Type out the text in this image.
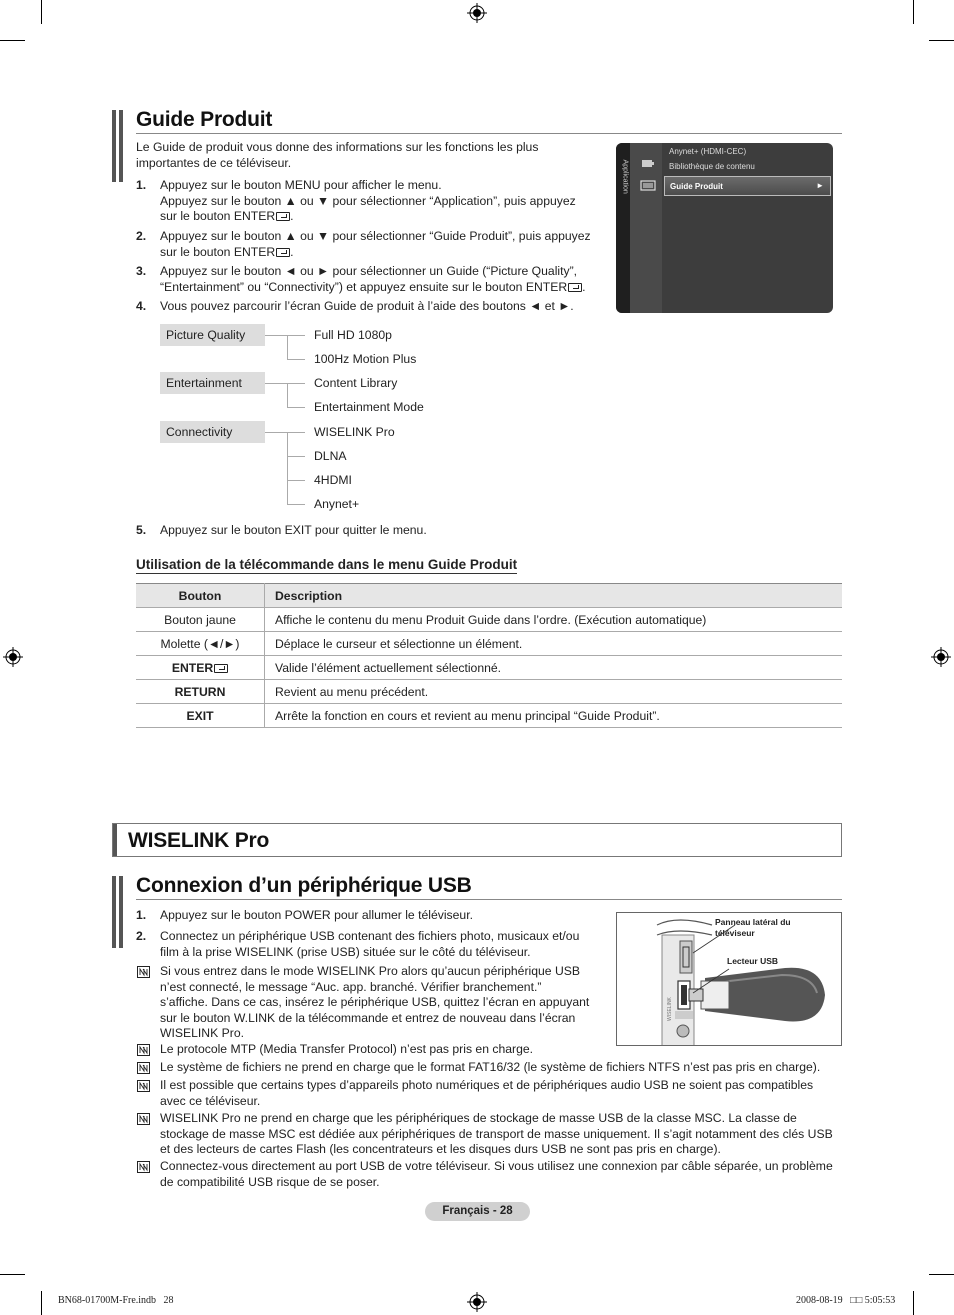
Guide Produit

Le Guide de produit vous donne des informations sur les fonctions les plus importantes de ce téléviseur.

1. Appuyez sur le bouton MENU pour afficher le menu.
Appuyez sur le bouton ▲ ou ▼ pour sélectionner “Application”, puis appuyez
sur le bouton ENTER .
2. Appuyez sur le bouton ▲ ou ▼ pour sélectionner “Guide Produit”, puis appuyez
sur le bouton ENTER .
3. Appuyez sur le bouton ◄ ou ► pour sélectionner un Guide (“Picture Quality”,
“Entertainment” ou “Connectivity”) et appuyez ensuite sur le bouton ENTER .
4. Vous pouvez parcourir l’écran Guide de produit à l’aide des boutons ◄ et ►.
Application
Anynet+ (HDMI-CEC)
Bibliothèque de contenu
Guide Produit	►
Picture Quality
Entertainment
Connectivity
Full HD 1080p
100Hz Motion Plus
Content Library
Entertainment Mode
WISELINK Pro
DLNA
4HDMI
Anynet+
5. Appuyez sur le bouton EXIT pour quitter le menu.
Utilisation de la télécommande dans le menu Guide Produit
Bouton	Description
Bouton jaune	Affiche le contenu du menu Produit Guide dans l’ordre. (Exécution automatique)
Molette (◄/►)	Déplace le curseur et sélectionne un élément.
ENTER	Valide l’élément actuellement sélectionné.
RETURN	Revient au menu précédent.
EXIT	Arrête la fonction en cours et revient au menu principal “Guide Produit”.
WISELINK Pro
Connexion d’un périphérique USB
1. Appuyez sur le bouton POWER pour allumer le téléviseur.
2. Connectez un périphérique USB contenant des fichiers photo, musicaux et/ou film à la prise WISELINK (prise USB) située sur le côté du téléviseur.
WISELINK
Panneau latéral du téléviseur
Lecteur USB
Si vous entrez dans le mode WISELINK Pro alors qu’aucun périphérique USB n’est connecté, le message “Auc. app. branché. Vérifier branchement.” s’affiche. Dans ce cas, insérez le périphérique USB, quittez l’écran en appuyant sur le bouton W.LINK de la télécommande et entrez de nouveau dans l’écran WISELINK Pro.
Le protocole MTP (Media Transfer Protocol) n’est pas pris en charge.
Le système de fichiers ne prend en charge que le format FAT16/32 (le système de fichiers NTFS n’est pas pris en charge).
Il est possible que certains types d’appareils photo numériques et de périphériques audio USB ne soient pas compatibles avec ce téléviseur.
WISELINK Pro ne prend en charge que les périphériques de stockage de masse USB de la classe MSC. La classe de stockage de masse MSC est dédiée aux périphériques de transport de masse uniquement. Il s’agit notamment des clés USB et des lecteurs de cartes Flash (les concentrateurs et les disques durs USB ne sont pas pris en charge).
Connectez-vous directement au port USB de votre téléviseur. Si vous utilisez une connexion par câble séparée, un problème de compatibilité USB risque de se poser.
Français - 28
BN68-01700M-Fre.indb   28	2008-08-19   □□ 5:05:53
